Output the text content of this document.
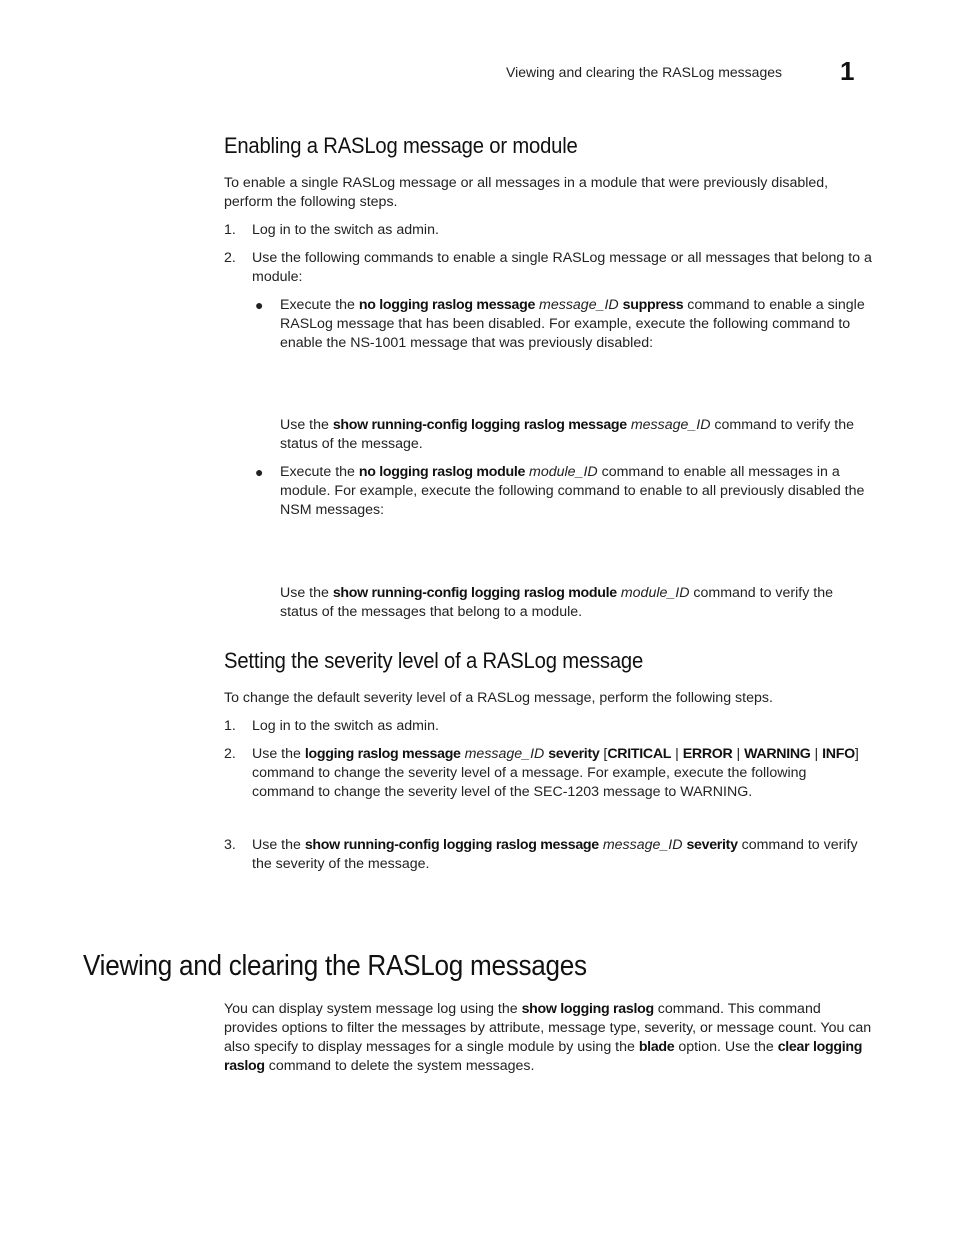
Viewing and clearing the RASLog messages 1
Enabling a RASLog message or module
To enable a single RASLog message or all messages in a module that were previously disabled, perform the following steps.
1. Log in to the switch as admin.
2. Use the following commands to enable a single RASLog message or all messages that belong to a module:
● Execute the no logging raslog message message_ID suppress command to enable a single RASLog message that has been disabled. For example, execute the following command to enable the NS-1001 message that was previously disabled:
Use the show running-config logging raslog message message_ID command to verify the status of the message.
● Execute the no logging raslog module module_ID command to enable all messages in a module. For example, execute the following command to enable to all previously disabled the NSM messages:
Use the show running-config logging raslog module module_ID command to verify the status of the messages that belong to a module.
Setting the severity level of a RASLog message
To change the default severity level of a RASLog message, perform the following steps.
1. Log in to the switch as admin.
2. Use the logging raslog message message_ID severity [CRITICAL | ERROR | WARNING | INFO] command to change the severity level of a message. For example, execute the following command to change the severity level of the SEC-1203 message to WARNING.
3. Use the show running-config logging raslog message message_ID severity command to verify the severity of the message.
Viewing and clearing the RASLog messages
You can display system message log using the show logging raslog command. This command provides options to filter the messages by attribute, message type, severity, or message count. You can also specify to display messages for a single module by using the blade option. Use the clear logging raslog command to delete the system messages.
